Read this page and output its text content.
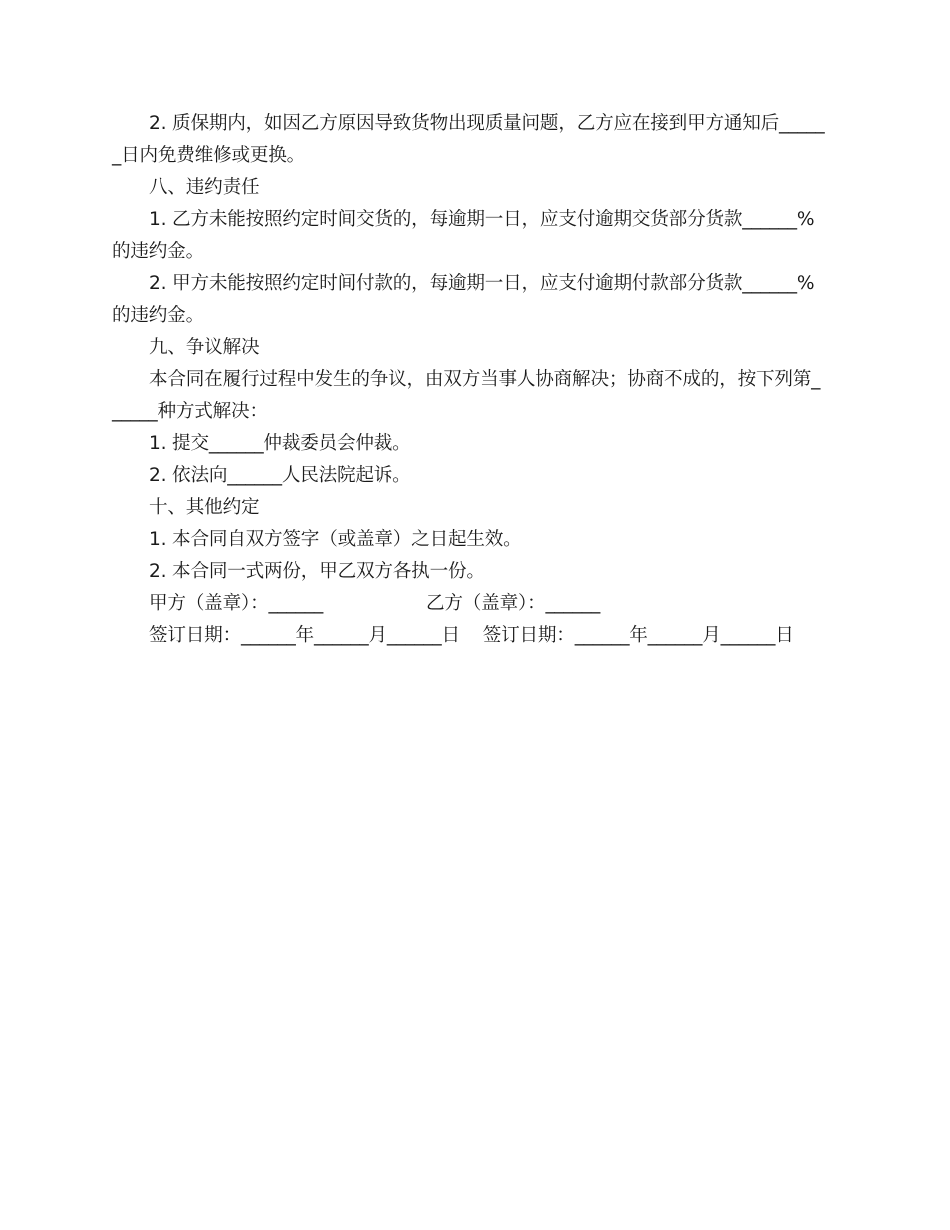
2. 质保期内，如因乙方原因导致货物出现质量问题，乙方应在接到甲方通知后______日内免费维修或更换。

八、违约责任

1. 乙方未能按照约定时间交货的，每逾期一日，应支付逾期交货部分货款______%的违约金。

2. 甲方未能按照约定时间付款的，每逾期一日，应支付逾期付款部分货款______%的违约金。

九、争议解决

本合同在履行过程中发生的争议，由双方当事人协商解决；协商不成的，按下列第______种方式解决：

1. 提交______仲裁委员会仲裁。

2. 依法向______人民法院起诉。

十、其他约定

1. 本合同自双方签字（或盖章）之日起生效。

2. 本合同一式两份，甲乙双方各执一份。

甲方（盖章）：______	乙方（盖章）：______

签订日期：______年______月______日    签订日期：______年______月______日
